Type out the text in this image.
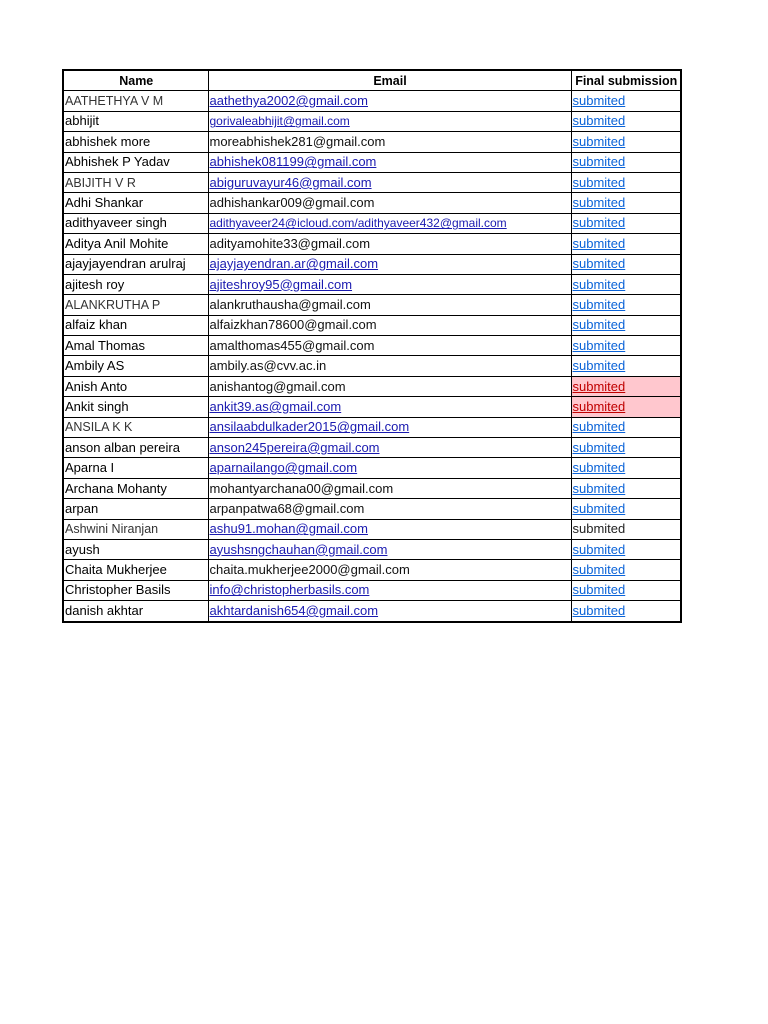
Name	Email	Final submission
AATHETHYA V M	aathethya2002@gmail.com	submited
abhijit	gorivaleabhijit@gmail.com	submited
abhishek more	moreabhishek281@gmail.com	submited
Abhishek P Yadav	abhishek081199@gmail.com	submited
ABIJITH V R	abiguruvayur46@gmail.com	submited
Adhi Shankar	adhishankar009@gmail.com	submited
adithyaveer singh	adithyaveer24@icloud.com/adithyaveer432@gmail.com	submited
Aditya Anil Mohite	adityamohite33@gmail.com	submited
ajayjayendran arulraj	ajayjayendran.ar@gmail.com	submited
ajitesh roy	ajiteshroy95@gmail.com	submited
ALANKRUTHA P	alankruthausha@gmail.com	submited
alfaiz khan	alfaizkhan78600@gmail.com	submited
Amal Thomas	amalthomas455@gmail.com	submited
Ambily AS	ambily.as@cvv.ac.in	submited
Anish Anto	anishantog@gmail.com	submited
Ankit singh	ankit39.as@gmail.com	submited
ANSILA K K	ansilaabdulkader2015@gmail.com	submited
anson alban pereira	anson245pereira@gmail.com	submited
Aparna I	aparnailango@gmail.com	submited
Archana Mohanty	mohantyarchana00@gmail.com	submited
arpan	arpanpatwa68@gmail.com	submited
Ashwini Niranjan	ashu91.mohan@gmail.com	submited
ayush	ayushsngchauhan@gmail.com	submited
Chaita Mukherjee	chaita.mukherjee2000@gmail.com	submited
Christopher Basils	info@christopherbasils.com	submited
danish akhtar	akhtardanish654@gmail.com	submited
